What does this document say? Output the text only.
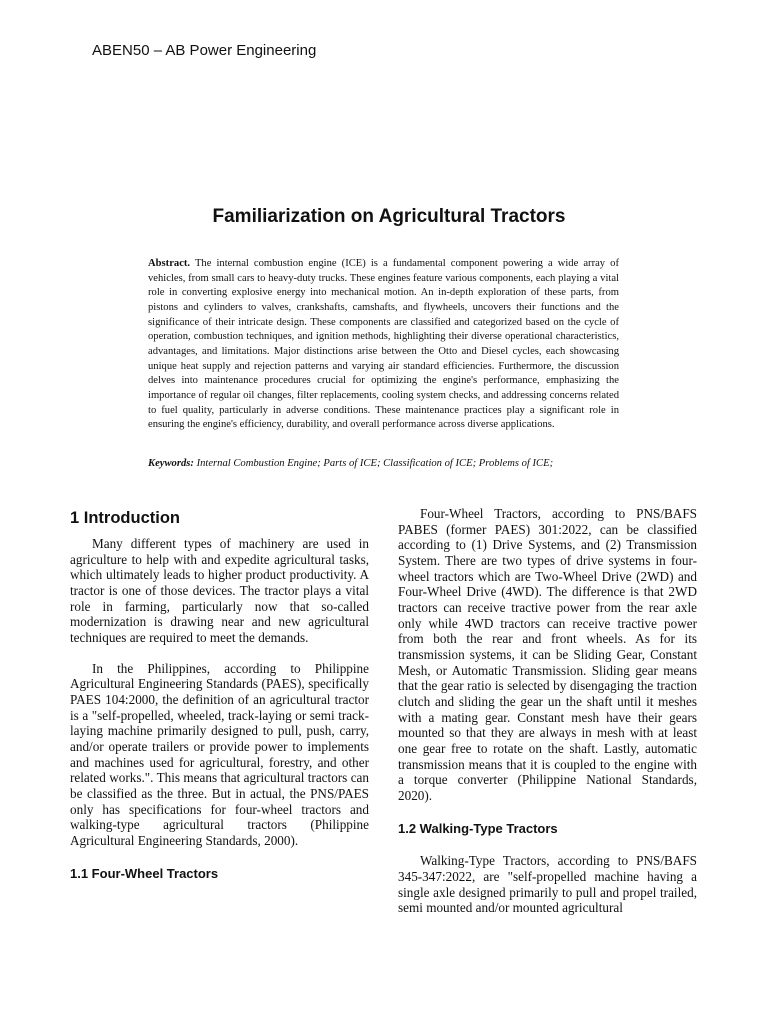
ABEN50 – AB Power Engineering
Familiarization on Agricultural Tractors
Abstract. The internal combustion engine (ICE) is a fundamental component powering a wide array of vehicles, from small cars to heavy-duty trucks. These engines feature various components, each playing a vital role in converting explosive energy into mechanical motion. An in-depth exploration of these parts, from pistons and cylinders to valves, crankshafts, camshafts, and flywheels, uncovers their functions and the significance of their intricate design. These components are classified and categorized based on the cycle of operation, combustion techniques, and ignition methods, highlighting their diverse operational characteristics, advantages, and limitations. Major distinctions arise between the Otto and Diesel cycles, each showcasing unique heat supply and rejection patterns and varying air standard efficiencies. Furthermore, the discussion delves into maintenance procedures crucial for optimizing the engine's performance, emphasizing the importance of regular oil changes, filter replacements, cooling system checks, and addressing concerns related to fuel quality, particularly in adverse conditions. These maintenance practices play a significant role in ensuring the engine's efficiency, durability, and overall performance across diverse applications.
Keywords: Internal Combustion Engine; Parts of ICE; Classification of ICE; Problems of ICE;
1 Introduction

Many different types of machinery are used in agriculture to help with and expedite agricultural tasks, which ultimately leads to higher product productivity. A tractor is one of those devices. The tractor plays a vital role in farming, particularly now that so-called modernization is drawing near and new agricultural techniques are required to meet the demands.

In the Philippines, according to Philippine Agricultural Engineering Standards (PAES), specifically PAES 104:2000, the definition of an agricultural tractor is a "self-propelled, wheeled, track-laying or semi track-laying machine primarily designed to pull, push, carry, and/or operate trailers or provide power to implements and machines used for agricultural, forestry, and other related works.". This means that agricultural tractors can be classified as the three. But in actual, the PNS/PAES only has specifications for four-wheel tractors and walking-type agricultural tractors (Philippine Agricultural Engineering Standards, 2000).

1.1 Four-Wheel Tractors

Four-Wheel Tractors, according to PNS/BAFS PABES (former PAES) 301:2022, can be classified according to (1) Drive Systems, and (2) Transmission System. There are two types of drive systems in four-wheel tractors which are Two-Wheel Drive (2WD) and Four-Wheel Drive (4WD). The difference is that 2WD tractors can receive tractive power from the rear axle only while 4WD tractors can receive tractive power from both the rear and front wheels. As for its transmission systems, it can be Sliding Gear, Constant Mesh, or Automatic Transmission. Sliding gear means that the gear ratio is selected by disengaging the traction clutch and sliding the gear un the shaft until it meshes with a mating gear. Constant mesh have their gears mounted so that they are always in mesh with at least one gear free to rotate on the shaft. Lastly, automatic transmission means that it is coupled to the engine with a torque converter (Philippine National Standards, 2020).

1.2 Walking-Type Tractors

Walking-Type Tractors, according to PNS/BAFS 345-347:2022, are "self-propelled machine having a single axle designed primarily to pull and propel trailed, semi mounted and/or mounted agricultural
